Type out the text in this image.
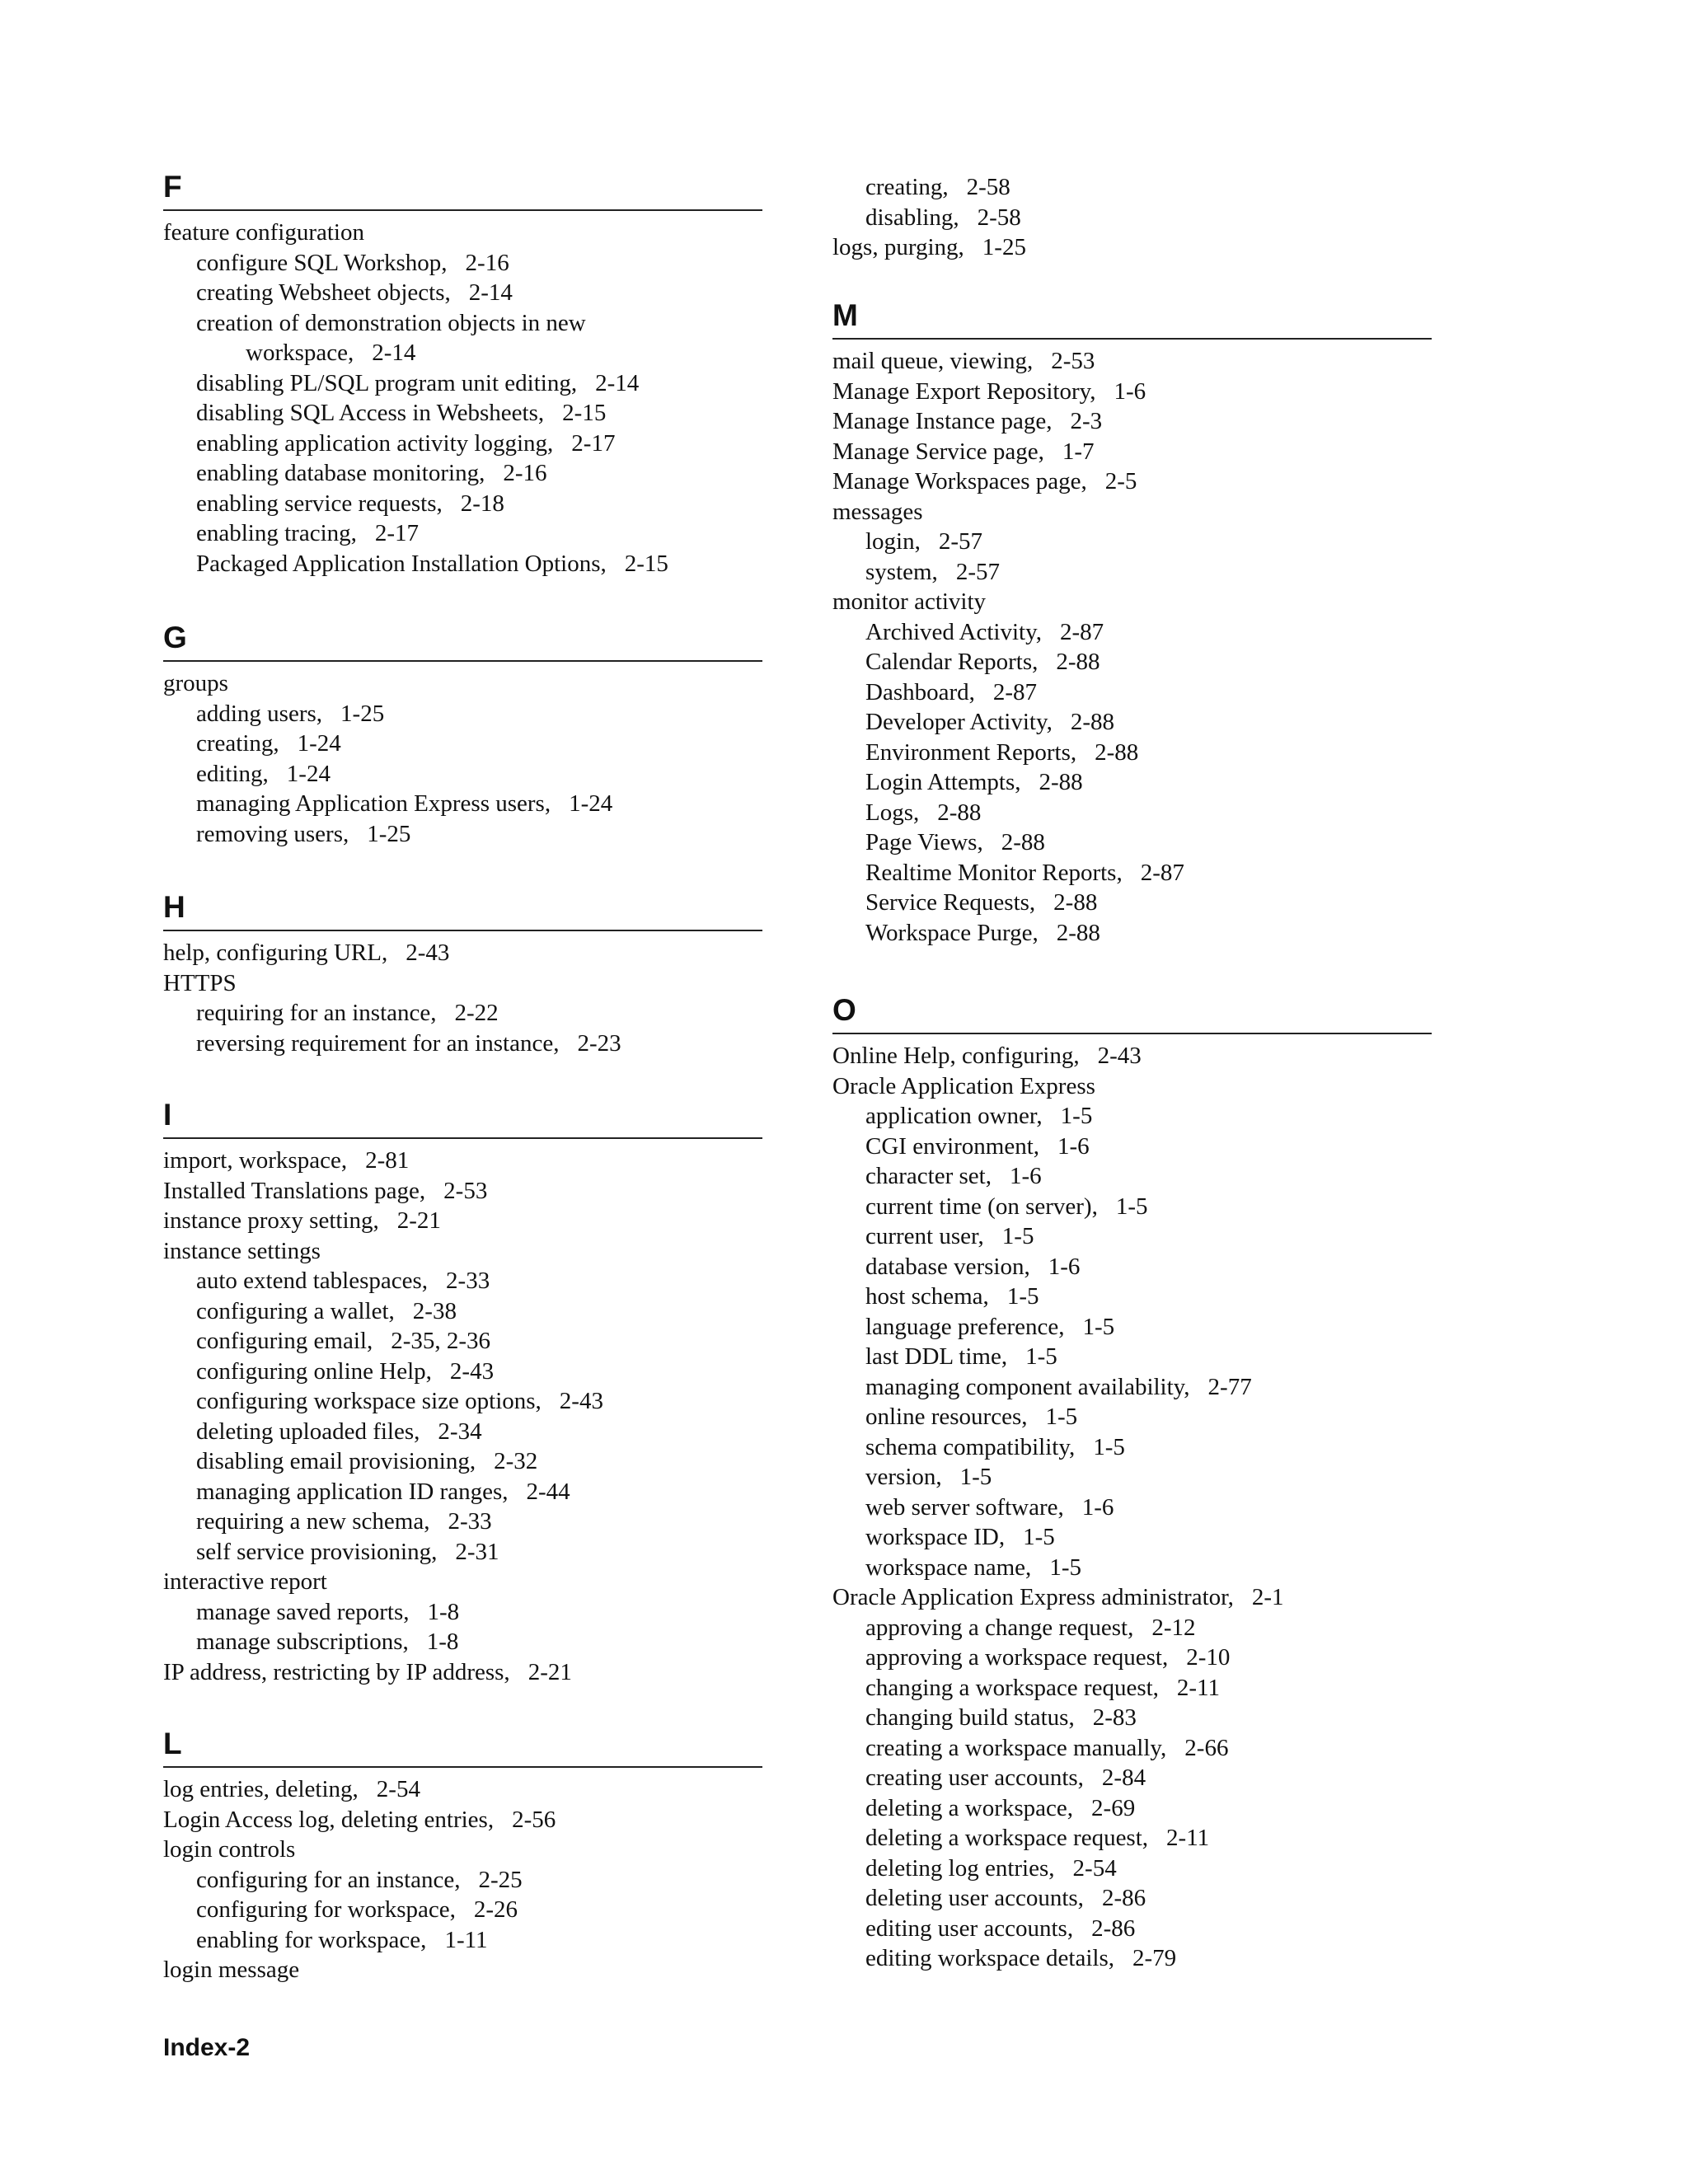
F
feature configuration
configure SQL Workshop, 2-16
creating Websheet objects, 2-14
creation of demonstration objects in new
workspace, 2-14
disabling PL/SQL program unit editing, 2-14
disabling SQL Access in Websheets, 2-15
enabling application activity logging, 2-17
enabling database monitoring, 2-16
enabling service requests, 2-18
enabling tracing, 2-17
Packaged Application Installation Options, 2-15
G
groups
adding users, 1-25
creating, 1-24
editing, 1-24
managing Application Express users, 1-24
removing users, 1-25
H
help, configuring URL, 2-43
HTTPS
requiring for an instance, 2-22
reversing requirement for an instance, 2-23
I
import, workspace, 2-81
Installed Translations page, 2-53
instance proxy setting, 2-21
instance settings
auto extend tablespaces, 2-33
configuring a wallet, 2-38
configuring email, 2-35, 2-36
configuring online Help, 2-43
configuring workspace size options, 2-43
deleting uploaded files, 2-34
disabling email provisioning, 2-32
managing application ID ranges, 2-44
requiring a new schema, 2-33
self service provisioning, 2-31
interactive report
manage saved reports, 1-8
manage subscriptions, 1-8
IP address, restricting by IP address, 2-21
L
log entries, deleting, 2-54
Login Access log, deleting entries, 2-56
login controls
configuring for an instance, 2-25
configuring for workspace, 2-26
enabling for workspace, 1-11
login message
creating, 2-58
disabling, 2-58
logs, purging, 1-25
M
mail queue, viewing, 2-53
Manage Export Repository, 1-6
Manage Instance page, 2-3
Manage Service page, 1-7
Manage Workspaces page, 2-5
messages
login, 2-57
system, 2-57
monitor activity
Archived Activity, 2-87
Calendar Reports, 2-88
Dashboard, 2-87
Developer Activity, 2-88
Environment Reports, 2-88
Login Attempts, 2-88
Logs, 2-88
Page Views, 2-88
Realtime Monitor Reports, 2-87
Service Requests, 2-88
Workspace Purge, 2-88
O
Online Help, configuring, 2-43
Oracle Application Express
application owner, 1-5
CGI environment, 1-6
character set, 1-6
current time (on server), 1-5
current user, 1-5
database version, 1-6
host schema, 1-5
language preference, 1-5
last DDL time, 1-5
managing component availability, 2-77
online resources, 1-5
schema compatibility, 1-5
version, 1-5
web server software, 1-6
workspace ID, 1-5
workspace name, 1-5
Oracle Application Express administrator, 2-1
approving a change request, 2-12
approving a workspace request, 2-10
changing a workspace request, 2-11
changing build status, 2-83
creating a workspace manually, 2-66
creating user accounts, 2-84
deleting a workspace, 2-69
deleting a workspace request, 2-11
deleting log entries, 2-54
deleting user accounts, 2-86
editing user accounts, 2-86
editing workspace details, 2-79
Index-2
